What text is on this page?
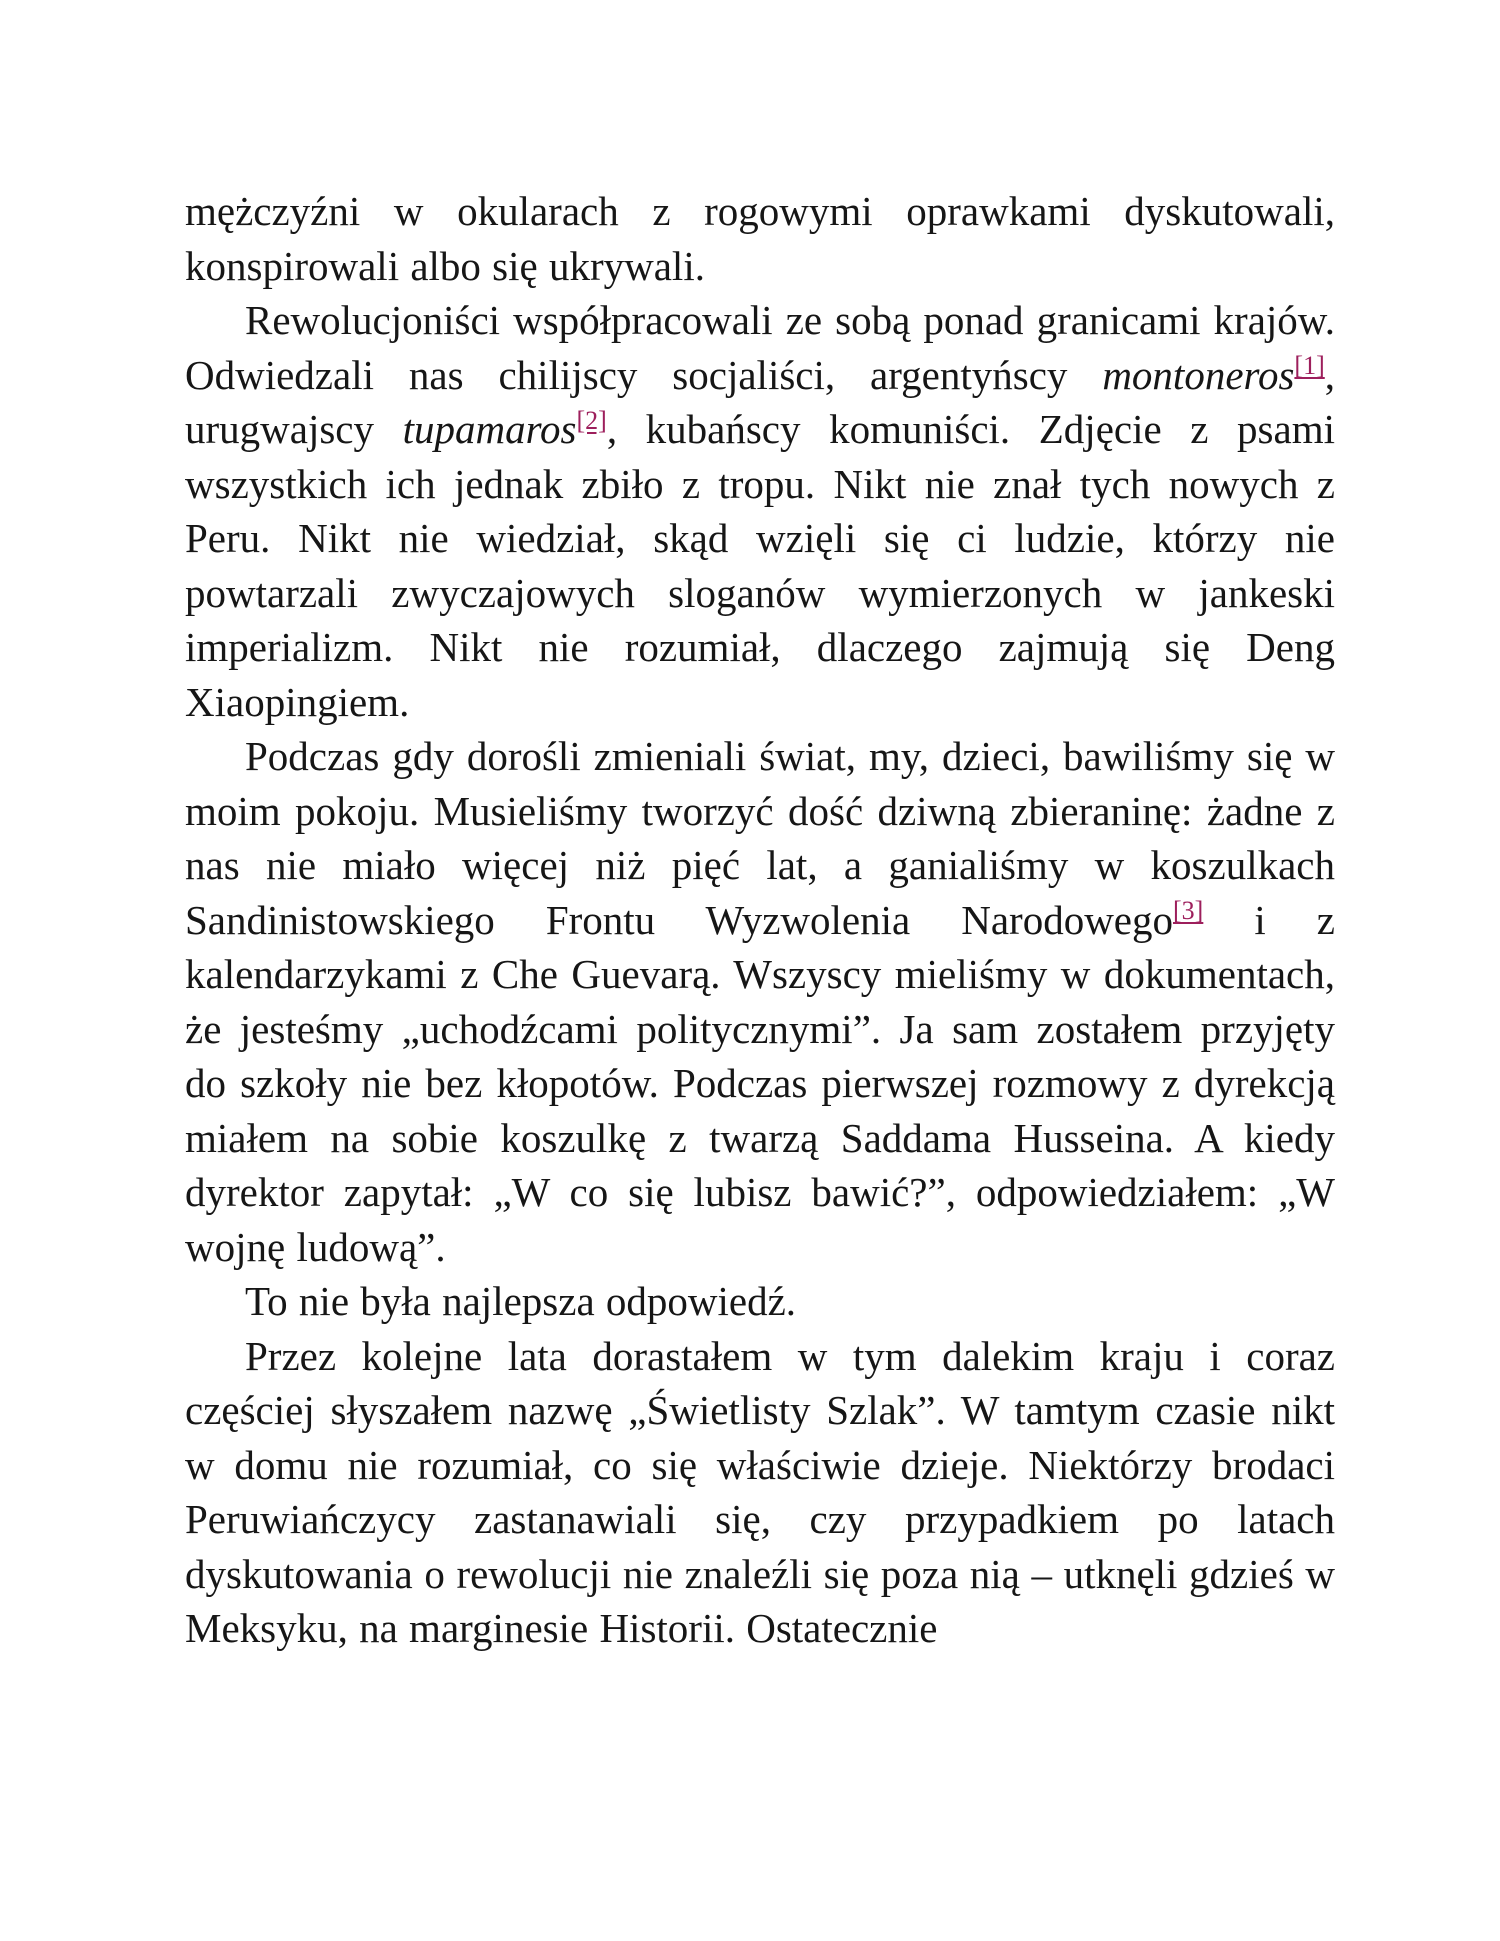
mężczyźni w okularach z rogowymi oprawkami dyskutowali, konspirowali albo się ukrywali.

Rewolucjoniści współpracowali ze sobą ponad granicami krajów. Odwiedzali nas chilijscy socjaliści, argentyńscy montoneros[1], urugwajscy tupamaros[2], kubańscy komuniści. Zdjęcie z psami wszystkich ich jednak zbiło z tropu. Nikt nie znał tych nowych z Peru. Nikt nie wiedział, skąd wzięli się ci ludzie, którzy nie powtarzali zwyczajowych sloganów wymierzonych w jankeski imperializm. Nikt nie rozumiał, dlaczego zajmują się Deng Xiaopingiem.

Podczas gdy dorośli zmieniali świat, my, dzieci, bawiliśmy się w moim pokoju. Musieliśmy tworzyć dość dziwną zbieraninę: żadne z nas nie miało więcej niż pięć lat, a ganialiśmy w koszulkach Sandinistowskiego Frontu Wyzwolenia Narodowego[3] i z kalendarzykami z Che Guevarą. Wszyscy mieliśmy w dokumentach, że jesteśmy „uchodźcami politycznymi”. Ja sam zostałem przyjęty do szkoły nie bez kłopotów. Podczas pierwszej rozmowy z dyrekcją miałem na sobie koszulkę z twarzą Saddama Husseina. A kiedy dyrektor zapytał: „W co się lubisz bawić?”, odpowiedziałem: „W wojnę ludową”.

To nie była najlepsza odpowiedź.

Przez kolejne lata dorastałem w tym dalekim kraju i coraz częściej słyszałem nazwę „Świetlisty Szlak”. W tamtym czasie nikt w domu nie rozumiał, co się właściwie dzieje. Niektórzy brodaci Peruwiańczycy zastanawiali się, czy przypadkiem po latach dyskutowania o rewolucji nie znaleźli się poza nią – utknęli gdzieś w Meksyku, na marginesie Historii. Ostatecznie
